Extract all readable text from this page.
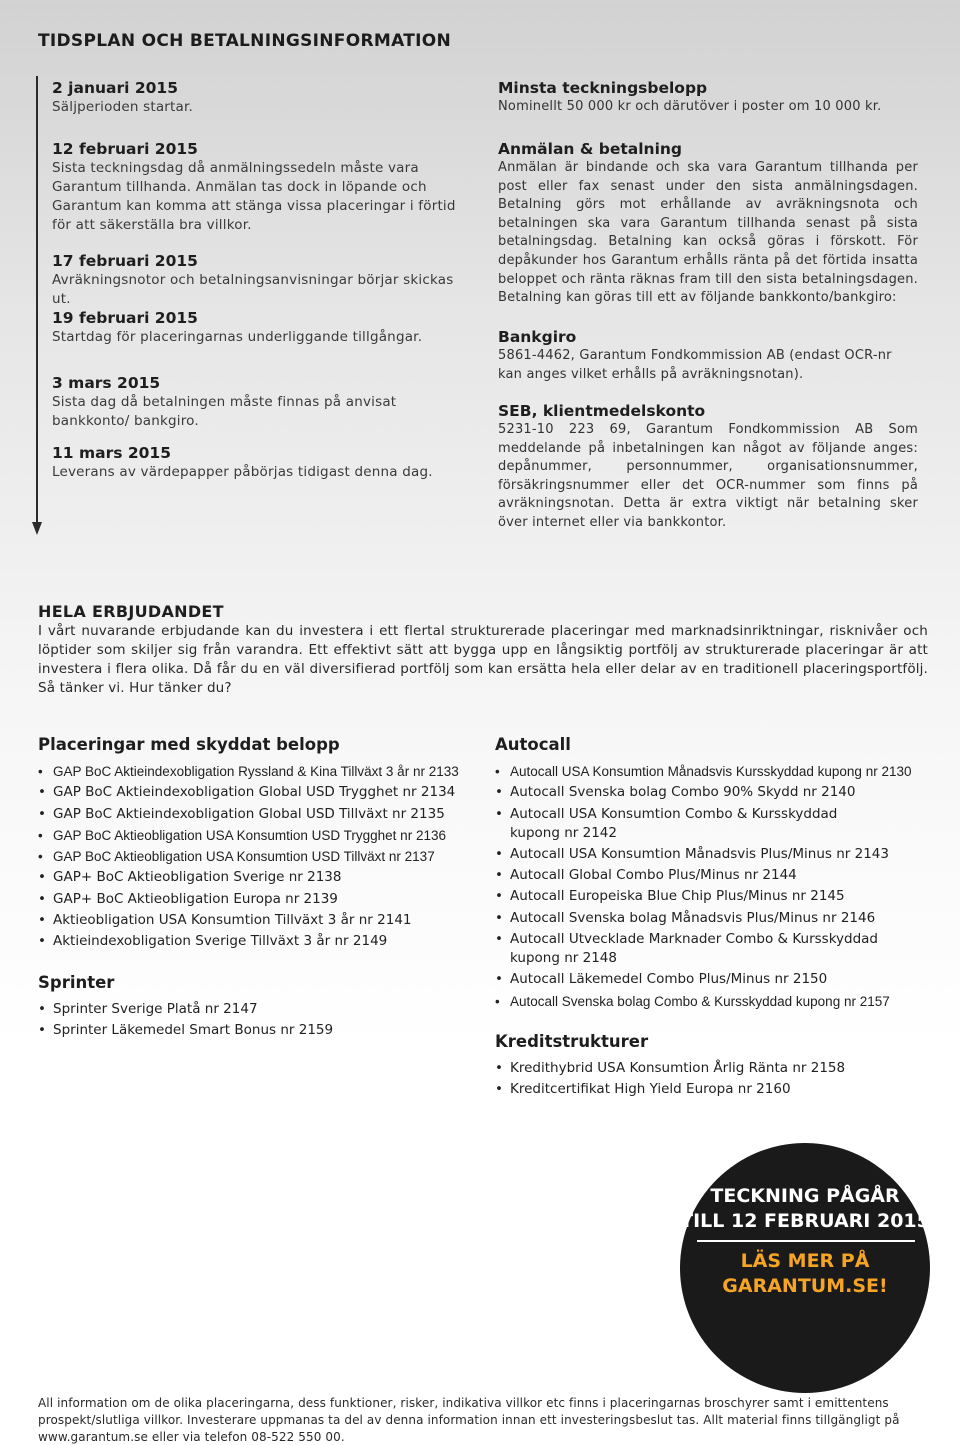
TIDSPLAN OCH BETALNINGSINFORMATION
2 januari 2015
Säljperioden startar.
12 februari 2015
Sista teckningsdag då anmälningssedeln måste vara Garantum tillhanda. Anmälan tas dock in löpande och Garantum kan komma att stänga vissa placeringar i förtid för att säkerställa bra villkor.
17 februari 2015
Avräkningsnotor och betalningsanvisningar börjar skickas ut.
19 februari 2015
Startdag för placeringarnas underliggande tillgångar.
3 mars 2015
Sista dag då betalningen måste finnas på anvisat bankkonto/ bankgiro.
11 mars 2015
Leverans av värdepapper påbörjas tidigast denna dag.
Minsta teckningsbelopp
Nominellt 50 000 kr och därutöver i poster om 10 000 kr.
Anmälan & betalning
Anmälan är bindande och ska vara Garantum tillhanda per post eller fax senast under den sista anmälningsdagen. Betalning görs mot erhållande av avräkningsnota och betalningen ska vara Garantum tillhanda senast på sista betalningsdag. Betalning kan också göras i förskott. För depåkunder hos Garantum erhålls ränta på det förtida insatta beloppet och ränta räknas fram till den sista betalningsdagen. Betalning kan göras till ett av följande bankkonto/bankgiro:
Bankgiro
5861-4462, Garantum Fondkommission AB (endast OCR-nr kan anges vilket erhålls på avräkningsnotan).
SEB, klientmedelskonto
5231-10 223 69, Garantum Fondkommission AB Som meddelande på inbetalningen kan något av följande anges: depånummer, personnummer, organisationsnummer, försäkringsnummer eller det OCR-nummer som finns på avräkningsnotan. Detta är extra viktigt när betalning sker över internet eller via bankkontor.
HELA ERBJUDANDET
I vårt nuvarande erbjudande kan du investera i ett flertal strukturerade placeringar med marknadsinriktningar, risknivåer och löptider som skiljer sig från varandra. Ett effektivt sätt att bygga upp en långsiktig portfölj av strukturerade placeringar är att investera i flera olika. Då får du en väl diversifierad portfölj som kan ersätta hela eller delar av en traditionell placeringsportfölj. Så tänker vi. Hur tänker du?
Placeringar med skyddat belopp
• GAP BoC Aktieindexobligation Ryssland & Kina Tillväxt 3 år nr 2133
• GAP BoC Aktieindexobligation Global USD Trygghet nr 2134
• GAP BoC Aktieindexobligation Global USD Tillväxt nr 2135
• GAP BoC Aktieobligation USA Konsumtion USD Trygghet nr 2136
• GAP BoC Aktieobligation USA Konsumtion USD Tillväxt nr 2137
• GAP+ BoC Aktieobligation Sverige nr 2138
• GAP+ BoC Aktieobligation Europa nr 2139
• Aktieobligation USA Konsumtion Tillväxt 3 år nr 2141
• Aktieindexobligation Sverige Tillväxt 3 år nr 2149
Sprinter
• Sprinter Sverige Platå nr 2147
• Sprinter Läkemedel Smart Bonus nr 2159
Autocall
• Autocall USA Konsumtion Månadsvis Kursskyddad kupong nr 2130
• Autocall Svenska bolag Combo 90% Skydd nr 2140
• Autocall USA Konsumtion Combo & Kursskyddad kupong nr 2142
• Autocall USA Konsumtion Månadsvis Plus/Minus nr 2143
• Autocall Global Combo Plus/Minus nr 2144
• Autocall Europeiska Blue Chip Plus/Minus nr 2145
• Autocall Svenska bolag Månadsvis Plus/Minus nr 2146
• Autocall Utvecklade Marknader Combo & Kursskyddad kupong nr 2148
• Autocall Läkemedel Combo Plus/Minus nr 2150
• Autocall Svenska bolag Combo & Kursskyddad kupong nr 2157
Kreditstrukturer
• Kredithybrid USA Konsumtion Årlig Ränta nr 2158
• Kreditcertifikat High Yield Europa nr 2160
TECKNING PÅGÅR
TILL 12 FEBRUARI 2015
LÄS MER PÅ
GARANTUM.SE!
All information om de olika placeringarna, dess funktioner, risker, indikativa villkor etc finns i placeringarnas broschyrer samt i emittentens prospekt/slutliga villkor. Investerare uppmanas ta del av denna information innan ett investeringsbeslut tas. Allt material finns tillgängligt på www.garantum.se eller via telefon 08-522 550 00.
